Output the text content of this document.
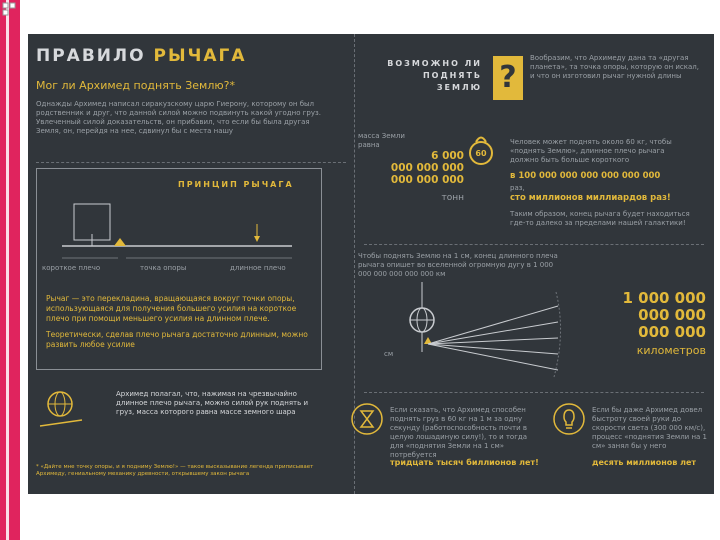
ПРАВИЛО РЫЧАГА
Мог ли Архимед поднять Землю?*
Однажды Архимед написал сиракузскому царю Гиерону, которому он был родственник и друг, что данной силой можно подвинуть какой угодно груз. Увлеченный силой доказательств, он прибавил, что если бы была другая Земля, он, перейдя на нее, сдвинул бы с места нашу
ПРИНЦИП РЫЧАГА
короткое плечо	точка опоры	длинное плечо
Рычаг — это перекладина, вращающаяся вокруг точки опоры, использующаяся для получения большего усилия на короткое плечо при помощи меньшего усилия на длинном плече.
Теоретически, сделав плечо рычага достаточно длинным, можно развить любое усилие
Архимед полагал, что, нажимая на чрезвычайно длинное плечо рычага, можно силой рук поднять и груз, масса которого равна массе земного шара
* «Дайте мне точку опоры, и я подниму Землю!» — такое высказывание легенда приписывает Архимеду, гениальному механику древности, открывшему закон рычага
ВОЗМОЖНО ЛИ
ПОДНЯТЬ
ЗЕМЛЮ ?
Вообразим, что Архимеду дана та «другая планета», та точка опоры, которую он искал, и что он изготовил рычаг нужной длины
масса Земли равна
6 000
000 000 000
000 000 000
тонн
60
Человек может поднять около 60 кг, чтобы «поднять Землю», длинное плечо рычага должно быть больше короткого
в 100 000 000 000 000 000 000
раз,
сто миллионов миллиардов раз!
Таким образом, конец рычага будет находиться где-то далеко за пределами нашей галактики!
Чтобы поднять Землю на 1 см, конец длинного плеча рычага опишет во вселенной огромную дугу в 1 000 000 000 000 000 000 км
см
1 000 000
000 000
000 000
километров
Если сказать, что Архимед способен поднять груз в 60 кг на 1 м за одну секунду (работоспособность почти в целую лошадиную силу!), то и тогда для «поднятия Земли на 1 см» потребуется
тридцать тысяч биллионов лет!
Если бы даже Архимед довел быстроту своей руки до скорости света (300 000 км/с), процесс «поднятия Земли на 1 см» занял бы у него
десять миллионов лет
